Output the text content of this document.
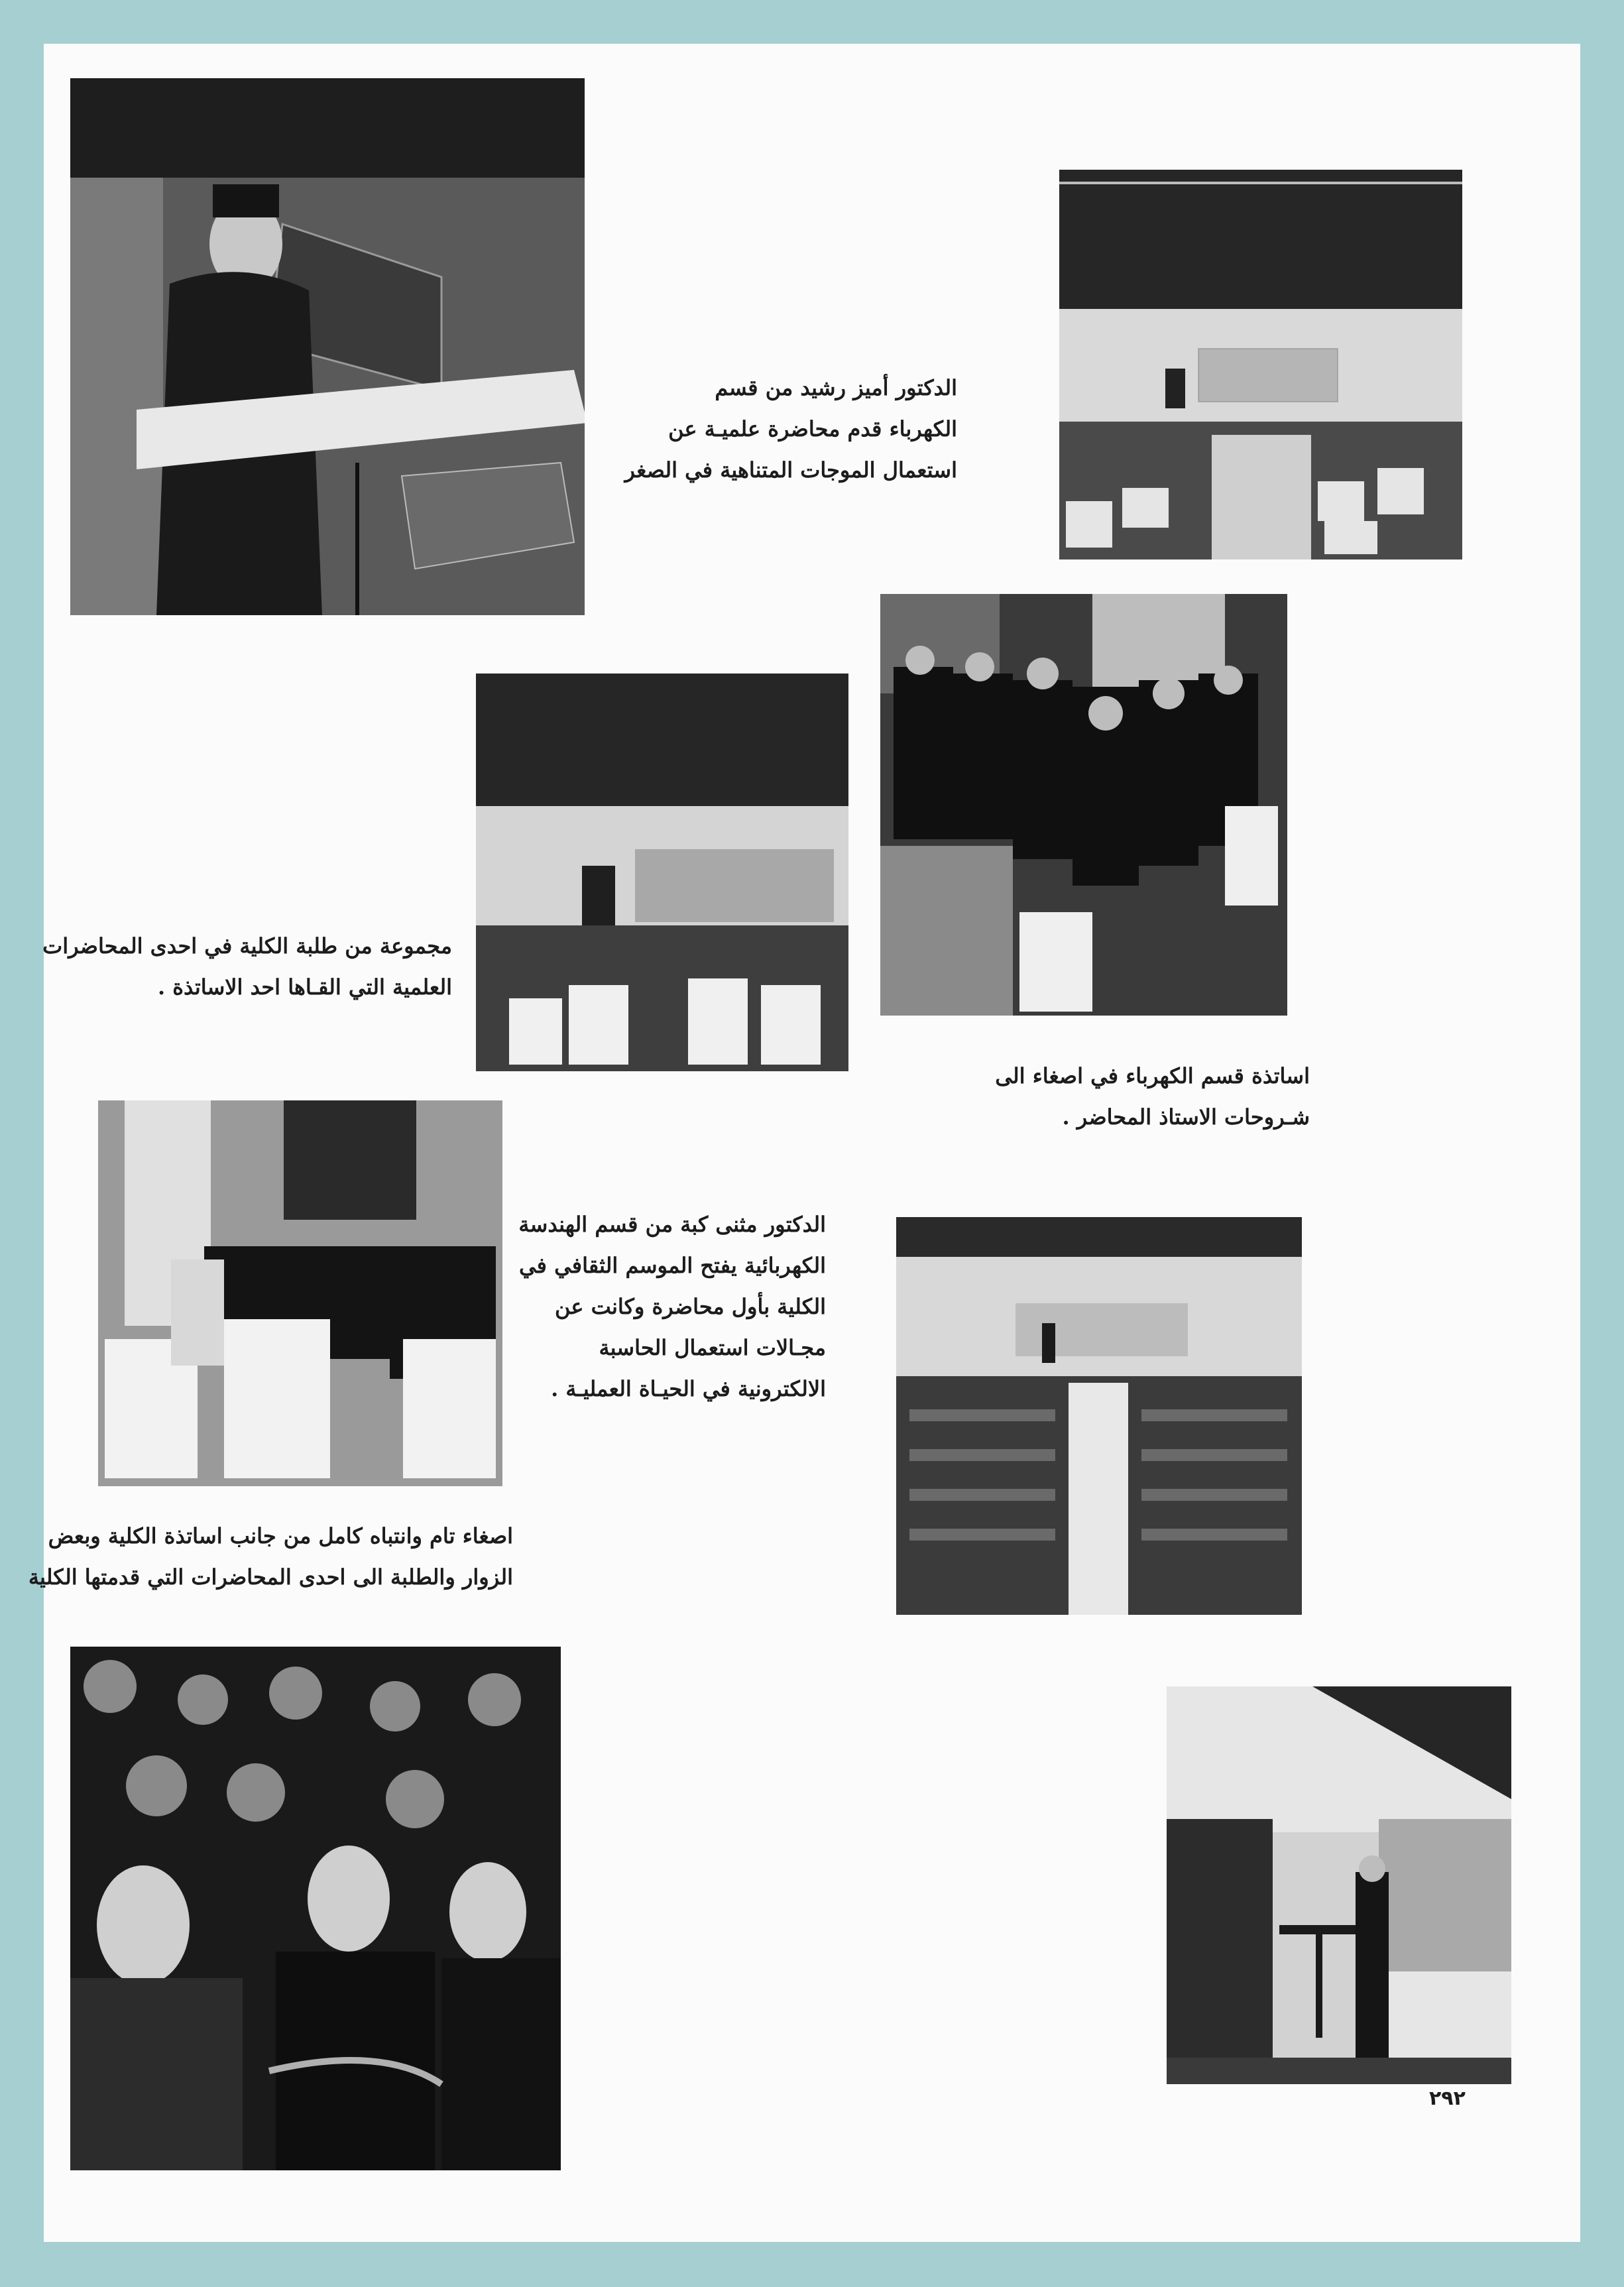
الدكتور أميز رشيد من قسم
الكهرباء قدم محاضرة علميـة عن
استعمال الموجات المتناهية في الصغر
مجموعة من طلبة الكلية في احدى المحاضرات
العلمية التي القـاها احد الاساتذة .
اساتذة قسم الكهرباء في اصغاء الى
شـروحات الاستاذ المحاضر .
الدكتور مثنى كبة من قسم الهندسة
الكهربائية يفتح الموسم الثقافي في
الكلية بأول محاضرة وكانت عن
مجـالات استعمال الحاسبة
الالكترونية في الحيـاة العمليـة .
اصغاء تام وانتباه كامل من جانب اساتذة الكلية وبعض
الزوار والطلبة الى احدى المحاضرات التي قدمتها الكلية
٢٩٢
